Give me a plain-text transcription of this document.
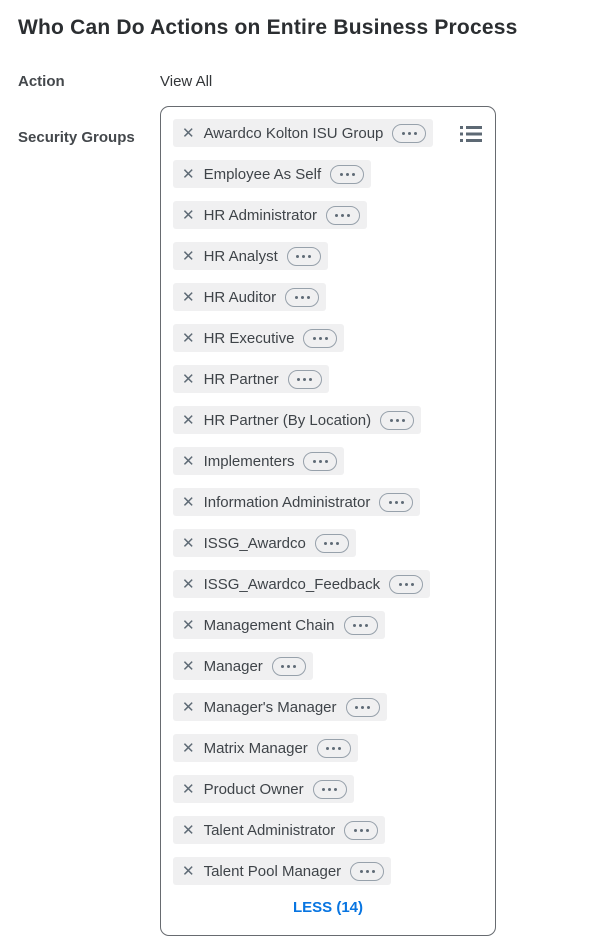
Who Can Do Actions on Entire Business Process
Action	View All
Security Groups	✕ Awardco Kolton ISU Group
✕ Employee As Self
✕ HR Administrator
✕ HR Analyst
✕ HR Auditor
✕ HR Executive
✕ HR Partner
✕ HR Partner (By Location)
✕ Implementers
✕ Information Administrator
✕ ISSG_Awardco
✕ ISSG_Awardco_Feedback
✕ Management Chain
✕ Manager
✕ Manager's Manager
✕ Matrix Manager
✕ Product Owner
✕ Talent Administrator
✕ Talent Pool Manager
LESS (14)
